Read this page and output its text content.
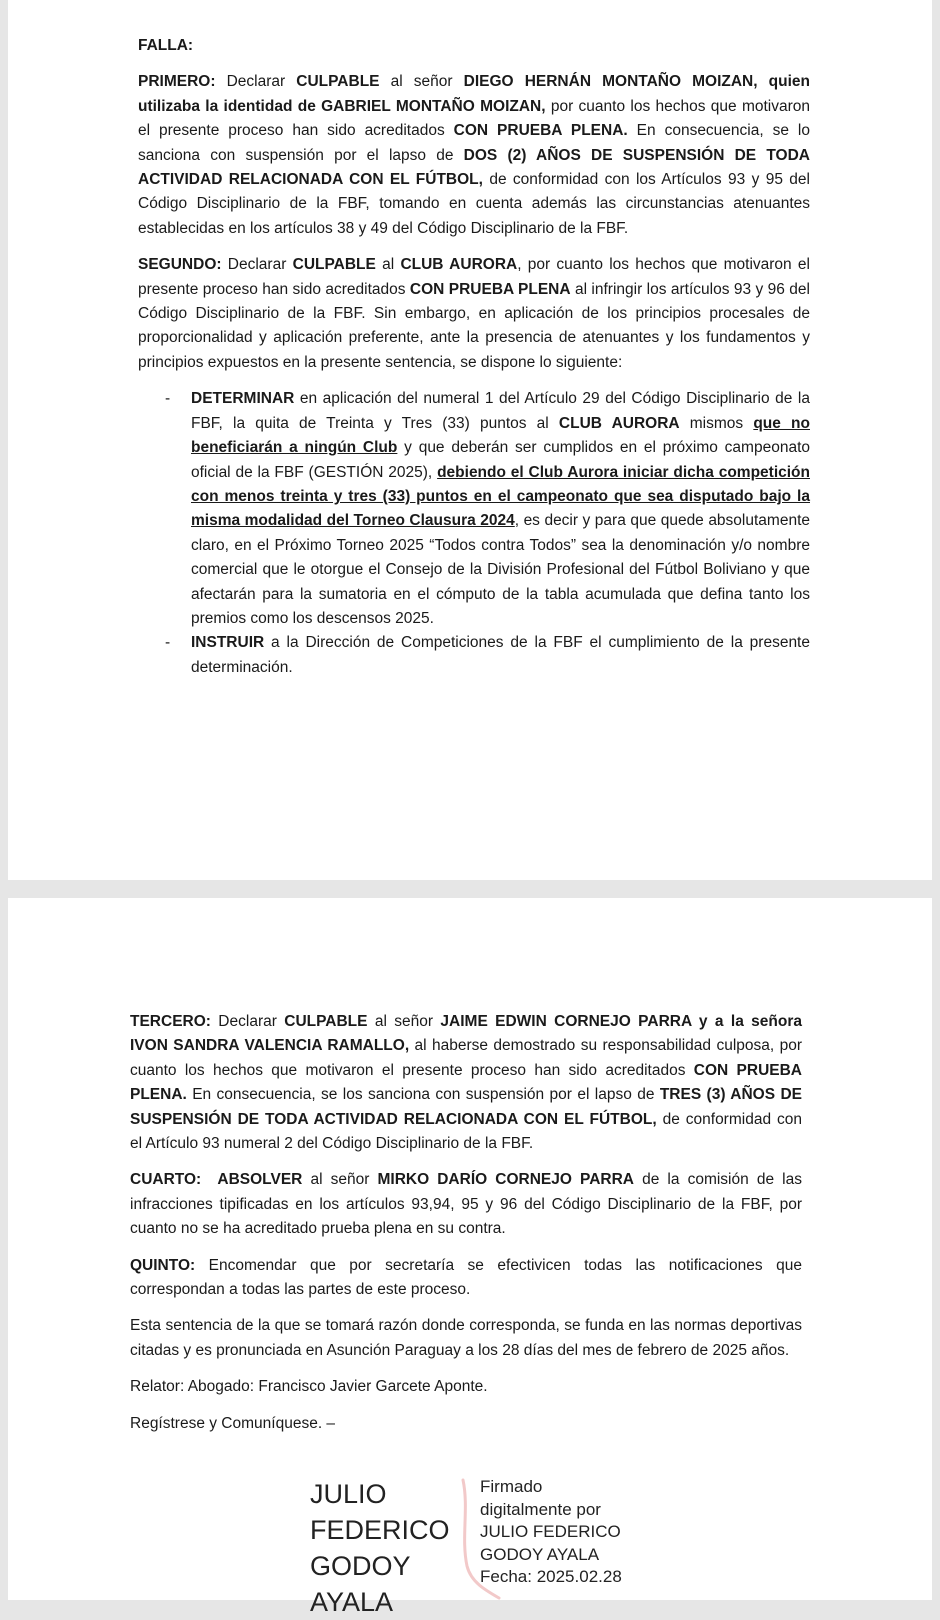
FALLA:

PRIMERO: Declarar CULPABLE al señor DIEGO HERNÁN MONTAÑO MOIZAN, quien utilizaba la identidad de GABRIEL MONTAÑO MOIZAN, por cuanto los hechos que motivaron el presente proceso han sido acreditados CON PRUEBA PLENA. En consecuencia, se lo sanciona con suspensión por el lapso de DOS (2) AÑOS DE SUSPENSIÓN DE TODA ACTIVIDAD RELACIONADA CON EL FÚTBOL, de conformidad con los Artículos 93 y 95 del Código Disciplinario de la FBF, tomando en cuenta además las circunstancias atenuantes establecidas en los artículos 38 y 49 del Código Disciplinario de la FBF.

SEGUNDO: Declarar CULPABLE al CLUB AURORA, por cuanto los hechos que motivaron el presente proceso han sido acreditados CON PRUEBA PLENA al infringir los artículos 93 y 96 del Código Disciplinario de la FBF. Sin embargo, en aplicación de los principios procesales de proporcionalidad y aplicación preferente, ante la presencia de atenuantes y los fundamentos y principios expuestos en la presente sentencia, se dispone lo siguiente:

- DETERMINAR en aplicación del numeral 1 del Artículo 29 del Código Disciplinario de la FBF, la quita de Treinta y Tres (33) puntos al CLUB AURORA mismos que no beneficiarán a ningún Club y que deberán ser cumplidos en el próximo campeonato oficial de la FBF (GESTIÓN 2025), debiendo el Club Aurora iniciar dicha competición con menos treinta y tres (33) puntos en el campeonato que sea disputado bajo la misma modalidad del Torneo Clausura 2024, es decir y para que quede absolutamente claro, en el Próximo Torneo 2025 “Todos contra Todos” sea la denominación y/o nombre comercial que le otorgue el Consejo de la División Profesional del Fútbol Boliviano y que afectarán para la sumatoria en el cómputo de la tabla acumulada que defina tanto los premios como los descensos 2025.
- INSTRUIR a la Dirección de Competiciones de la FBF el cumplimiento de la presente determinación.

TERCERO: Declarar CULPABLE al señor JAIME EDWIN CORNEJO PARRA y a la señora IVON SANDRA VALENCIA RAMALLO, al haberse demostrado su responsabilidad culposa, por cuanto los hechos que motivaron el presente proceso han sido acreditados CON PRUEBA PLENA. En consecuencia, se los sanciona con suspensión por el lapso de TRES (3) AÑOS DE SUSPENSIÓN DE TODA ACTIVIDAD RELACIONADA CON EL FÚTBOL, de conformidad con el Artículo 93 numeral 2 del Código Disciplinario de la FBF.

CUARTO: ABSOLVER al señor MIRKO DARÍO CORNEJO PARRA de la comisión de las infracciones tipificadas en los artículos 93,94, 95 y 96 del Código Disciplinario de la FBF, por cuanto no se ha acreditado prueba plena en su contra.

QUINTO: Encomendar que por secretaría se efectivicen todas las notificaciones que correspondan a todas las partes de este proceso.

Esta sentencia de la que se tomará razón donde corresponda, se funda en las normas deportivas citadas y es pronunciada en Asunción Paraguay a los 28 días del mes de febrero de 2025 años.

Relator: Abogado: Francisco Javier Garcete Aponte.

Regístrese y Comuníquese. –

JULIO
FEDERICO
GODOY
AYALA
Firmado
digitalmente por
JULIO FEDERICO
GODOY AYALA
Fecha: 2025.02.28
